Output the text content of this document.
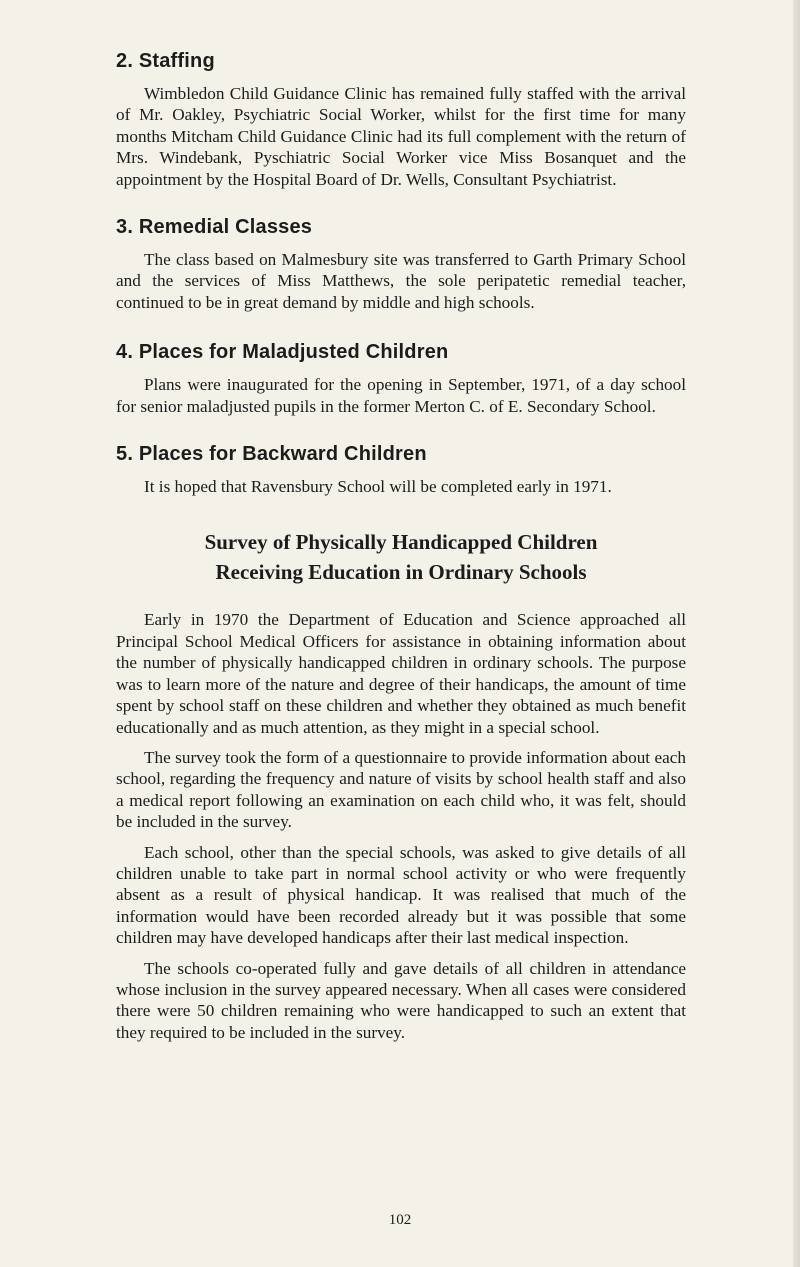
2. Staffing

Wimbledon Child Guidance Clinic has remained fully staffed with the arrival of Mr. Oakley, Psychiatric Social Worker, whilst for the first time for many months Mitcham Child Guidance Clinic had its full complement with the return of Mrs. Windebank, Pyschiatric Social Worker vice Miss Bosanquet and the appointment by the Hospital Board of Dr. Wells, Consultant Psychiatrist.

3. Remedial Classes

The class based on Malmesbury site was transferred to Garth Primary School and the services of Miss Matthews, the sole peripatetic remedial teacher, continued to be in great demand by middle and high schools.

4. Places for Maladjusted Children

Plans were inaugurated for the opening in September, 1971, of a day school for senior maladjusted pupils in the former Merton C. of E. Secondary School.

5. Places for Backward Children

It is hoped that Ravensbury School will be completed early in 1971.

Survey of Physically Handicapped Children
Receiving Education in Ordinary Schools

Early in 1970 the Department of Education and Science approached all Principal School Medical Officers for assistance in obtaining information about the number of physically handicapped children in ordinary schools. The purpose was to learn more of the nature and degree of their handicaps, the amount of time spent by school staff on these children and whether they obtained as much benefit educationally and as much attention, as they might in a special school.

The survey took the form of a questionnaire to provide information about each school, regarding the frequency and nature of visits by school health staff and also a medical report following an examination on each child who, it was felt, should be included in the survey.

Each school, other than the special schools, was asked to give details of all children unable to take part in normal school activity or who were frequently absent as a result of physical handicap. It was realised that much of the information would have been recorded already but it was possible that some children may have developed handicaps after their last medical inspection.

The schools co-operated fully and gave details of all children in attendance whose inclusion in the survey appeared necessary. When all cases were considered there were 50 children remaining who were handicapped to such an extent that they required to be included in the survey.

102
